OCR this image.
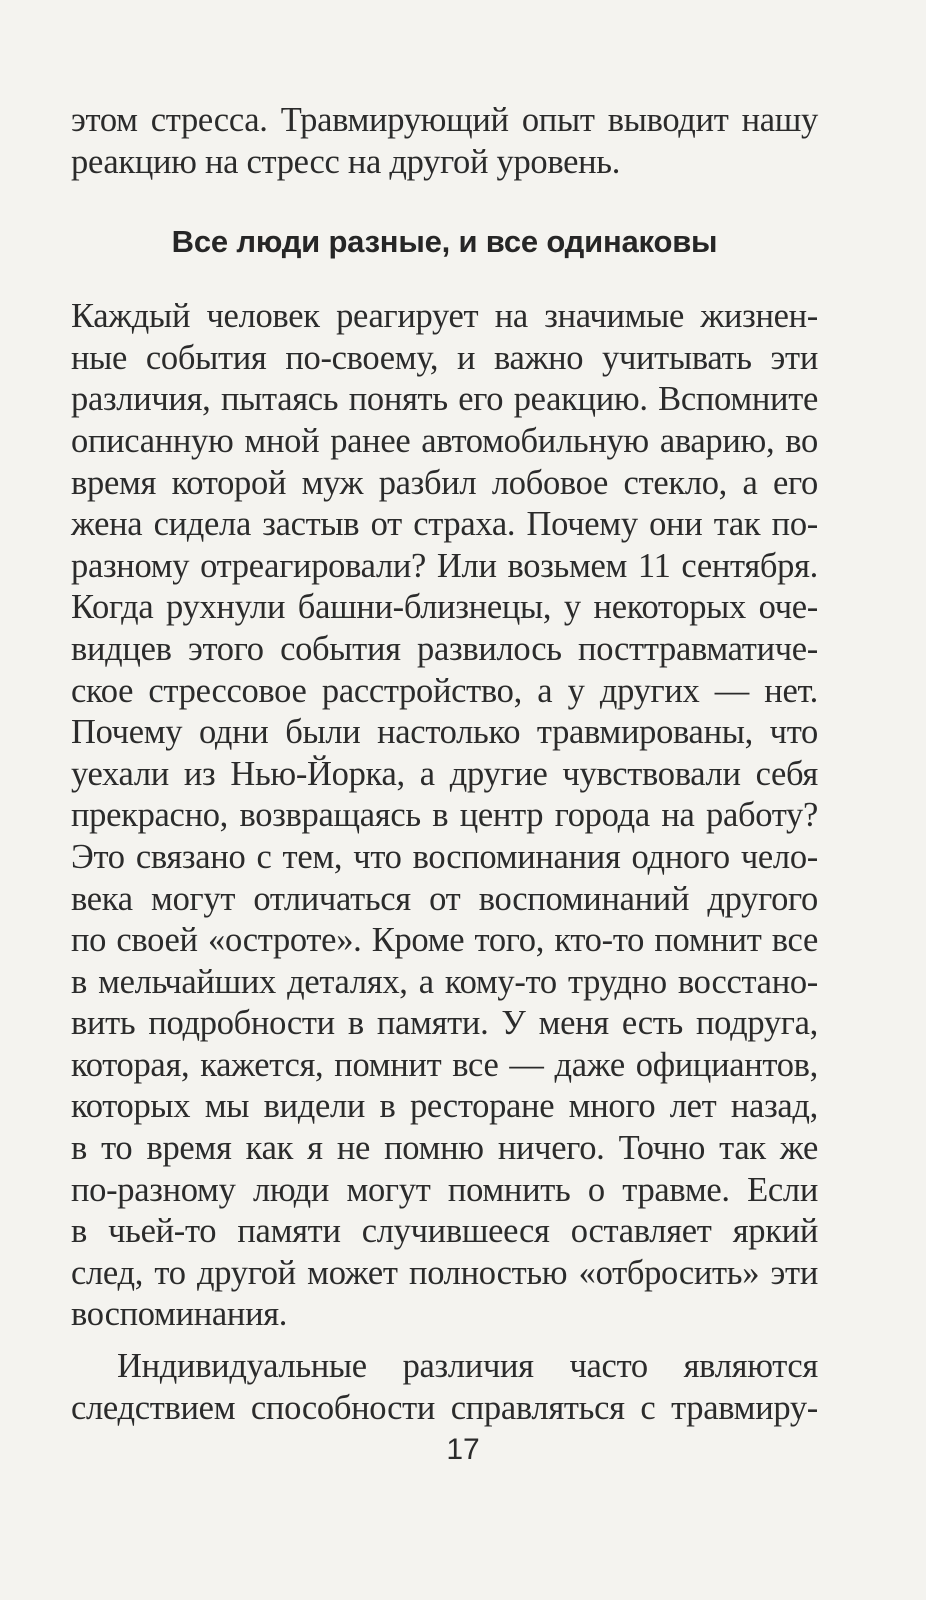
этом стресса. Травмирующий опыт выводит нашу
реакцию на стресс на другой уровень.
Все люди разные, и все одинаковы
Каждый человек реагирует на значимые жизнен-
ные события по-своему, и важно учитывать эти
различия, пытаясь понять его реакцию. Вспомните
описанную мной ранее автомобильную аварию, во
время которой муж разбил лобовое стекло, а его
жена сидела застыв от страха. Почему они так по-
разному отреагировали? Или возьмем 11 сентября.
Когда рухнули башни-близнецы, у некоторых оче-
видцев этого события развилось посттравматиче-
ское стрессовое расстройство, а у других — нет.
Почему одни были настолько травмированы, что
уехали из Нью-Йорка, а другие чувствовали себя
прекрасно, возвращаясь в центр города на работу?
Это связано с тем, что воспоминания одного чело-
века могут отличаться от воспоминаний другого
по своей «остроте». Кроме того, кто-то помнит все
в мельчайших деталях, а кому-то трудно восстано-
вить подробности в памяти. У меня есть подруга,
которая, кажется, помнит все — даже официантов,
которых мы видели в ресторане много лет назад,
в то время как я не помню ничего. Точно так же
по-разному люди могут помнить о травме. Если
в чьей-то памяти случившееся оставляет яркий
след, то другой может полностью «отбросить» эти
воспоминания.
Индивидуальные различия часто являются
следствием способности справляться с травмиру-
17
